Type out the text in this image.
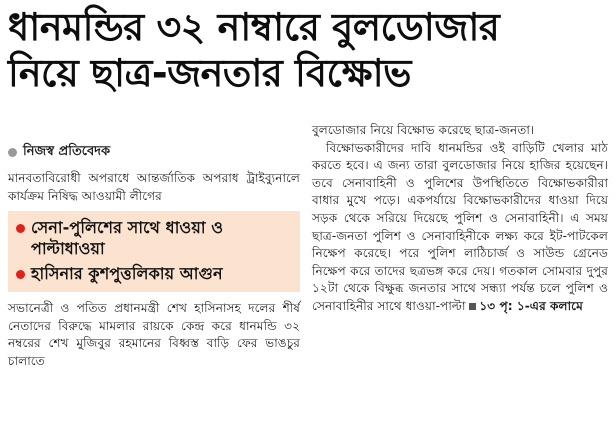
ধানমন্ডির ৩২ নাম্বারে বুলডোজার
নিয়ে ছাত্র-জনতার বিক্ষোভ
নিজস্ব প্রতিবেদক

মানবতাবিরোধী অপরাধে আন্তর্জাতিক অপরাধ ট্রাইব্যুনালে কার্যক্রম নিষিদ্ধ আওয়ামী লীগের

সেনা-পুলিশের সাথে ধাওয়া ও পাল্টাধাওয়া
হাসিনার কুশপুত্তলিকায় আগুন

সভানেত্রী ও পতিত প্রধানমন্ত্রী শেখ হাসিনাসহ দলের শীর্ষ নেতাদের বিরুদ্ধে মামলার রায়কে কেন্দ্র করে ধানমন্ডি ৩২ নম্বরের শেখ মুজিবুর রহমানের বিধ্বস্ত বাড়ি ফের ভাঙচুর চালাতে

বুলডোজার নিয়ে বিক্ষোভ করেছে ছাত্র-জনতা।

বিক্ষোভকারীদের দাবি ধানমন্ডির ওই বাড়িটি খেলার মাঠ করতে হবে। এ জন্য তারা বুলডোজার নিয়ে হাজির হয়েছেন। তবে সেনাবাহিনী ও পুলিশের উপস্থিতিতে বিক্ষোভকারীরা বাধার মুখে পড়ে। একপর্যায়ে বিক্ষোভকারীদের ধাওয়া দিয়ে সড়ক থেকে সরিয়ে দিয়েছে পুলিশ ও সেনাবাহিনী। এ সময় ছাত্র-জনতা পুলিশ ও সেনাবাহিনীকে লক্ষ্য করে ইট-পাটকেল নিক্ষেপ করেছে। পরে পুলিশ লাঠিচার্জ ও সাউন্ড গ্রেনেড নিক্ষেপ করে তাদের ছত্রভঙ্গ করে দেয়। গতকাল সোমবার দুপুর ১২টা থেকে বিক্ষুব্ধ জনতার সাথে সন্ধ্যা পর্যন্ত চলে পুলিশ ও সেনাবাহিনীর সাথে ধাওয়া-পাল্টা ১৩ পৃ: ১-এর কলামে
